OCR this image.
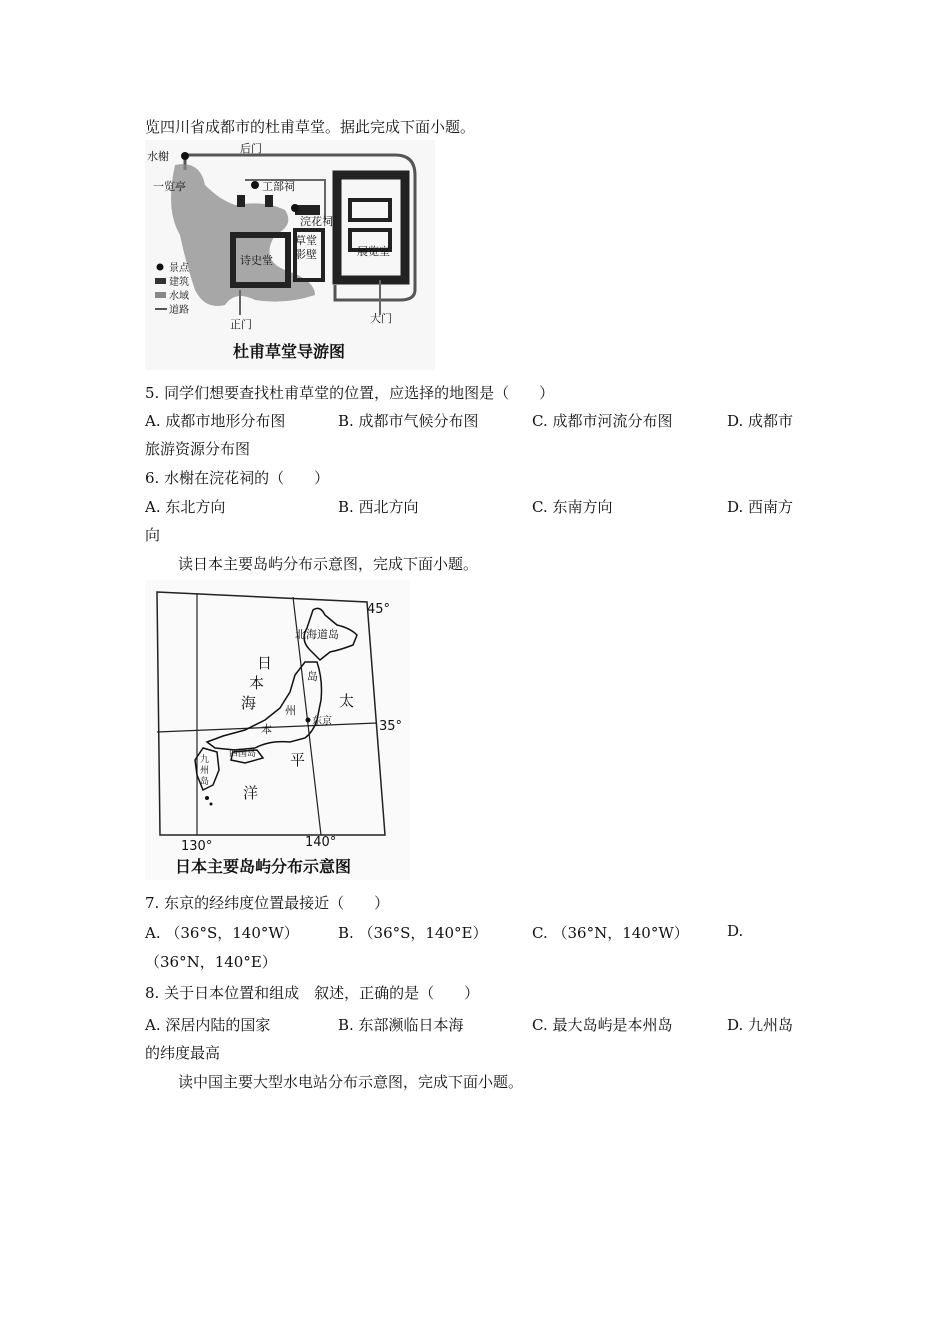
览四川省成都市的杜甫草堂。据此完成下面小题。
水榭
后门
一览亭	工部祠
浣花祠
诗史堂
草堂
影壁	展览室
正门	大门
景点
建筑
水域
道路
杜甫草堂导游图
5. 同学们想要查找杜甫草堂的位置，应选择的地图是（　　）
A. 成都市地形分布图	B. 成都市气候分布图	C. 成都市河流分布图	D. 成都市
旅游资源分布图
6. 水榭在浣花祠的（　　）
A. 东北方向	B. 西北方向	C. 东南方向	D. 西南方
向
读日本主要岛屿分布示意图，完成下面小题。
北海道岛
日
本
海
岛
州
本
东京
四国岛
九
州
岛
太
平
洋
45°
35°
130°	140°
日本主要岛屿分布示意图
7. 东京的经纬度位置最接近（　　）
A. （36°S，140°W）	B. （36°S，140°E）	C. （36°N，140°W）	D.
（36°N，140°E）
8. 关于日本位置和组成　叙述，正确的是（　　）
A. 深居内陆的国家	B. 东部濒临日本海	C. 最大岛屿是本州岛	D. 九州岛
的纬度最高
读中国主要大型水电站分布示意图，完成下面小题。
